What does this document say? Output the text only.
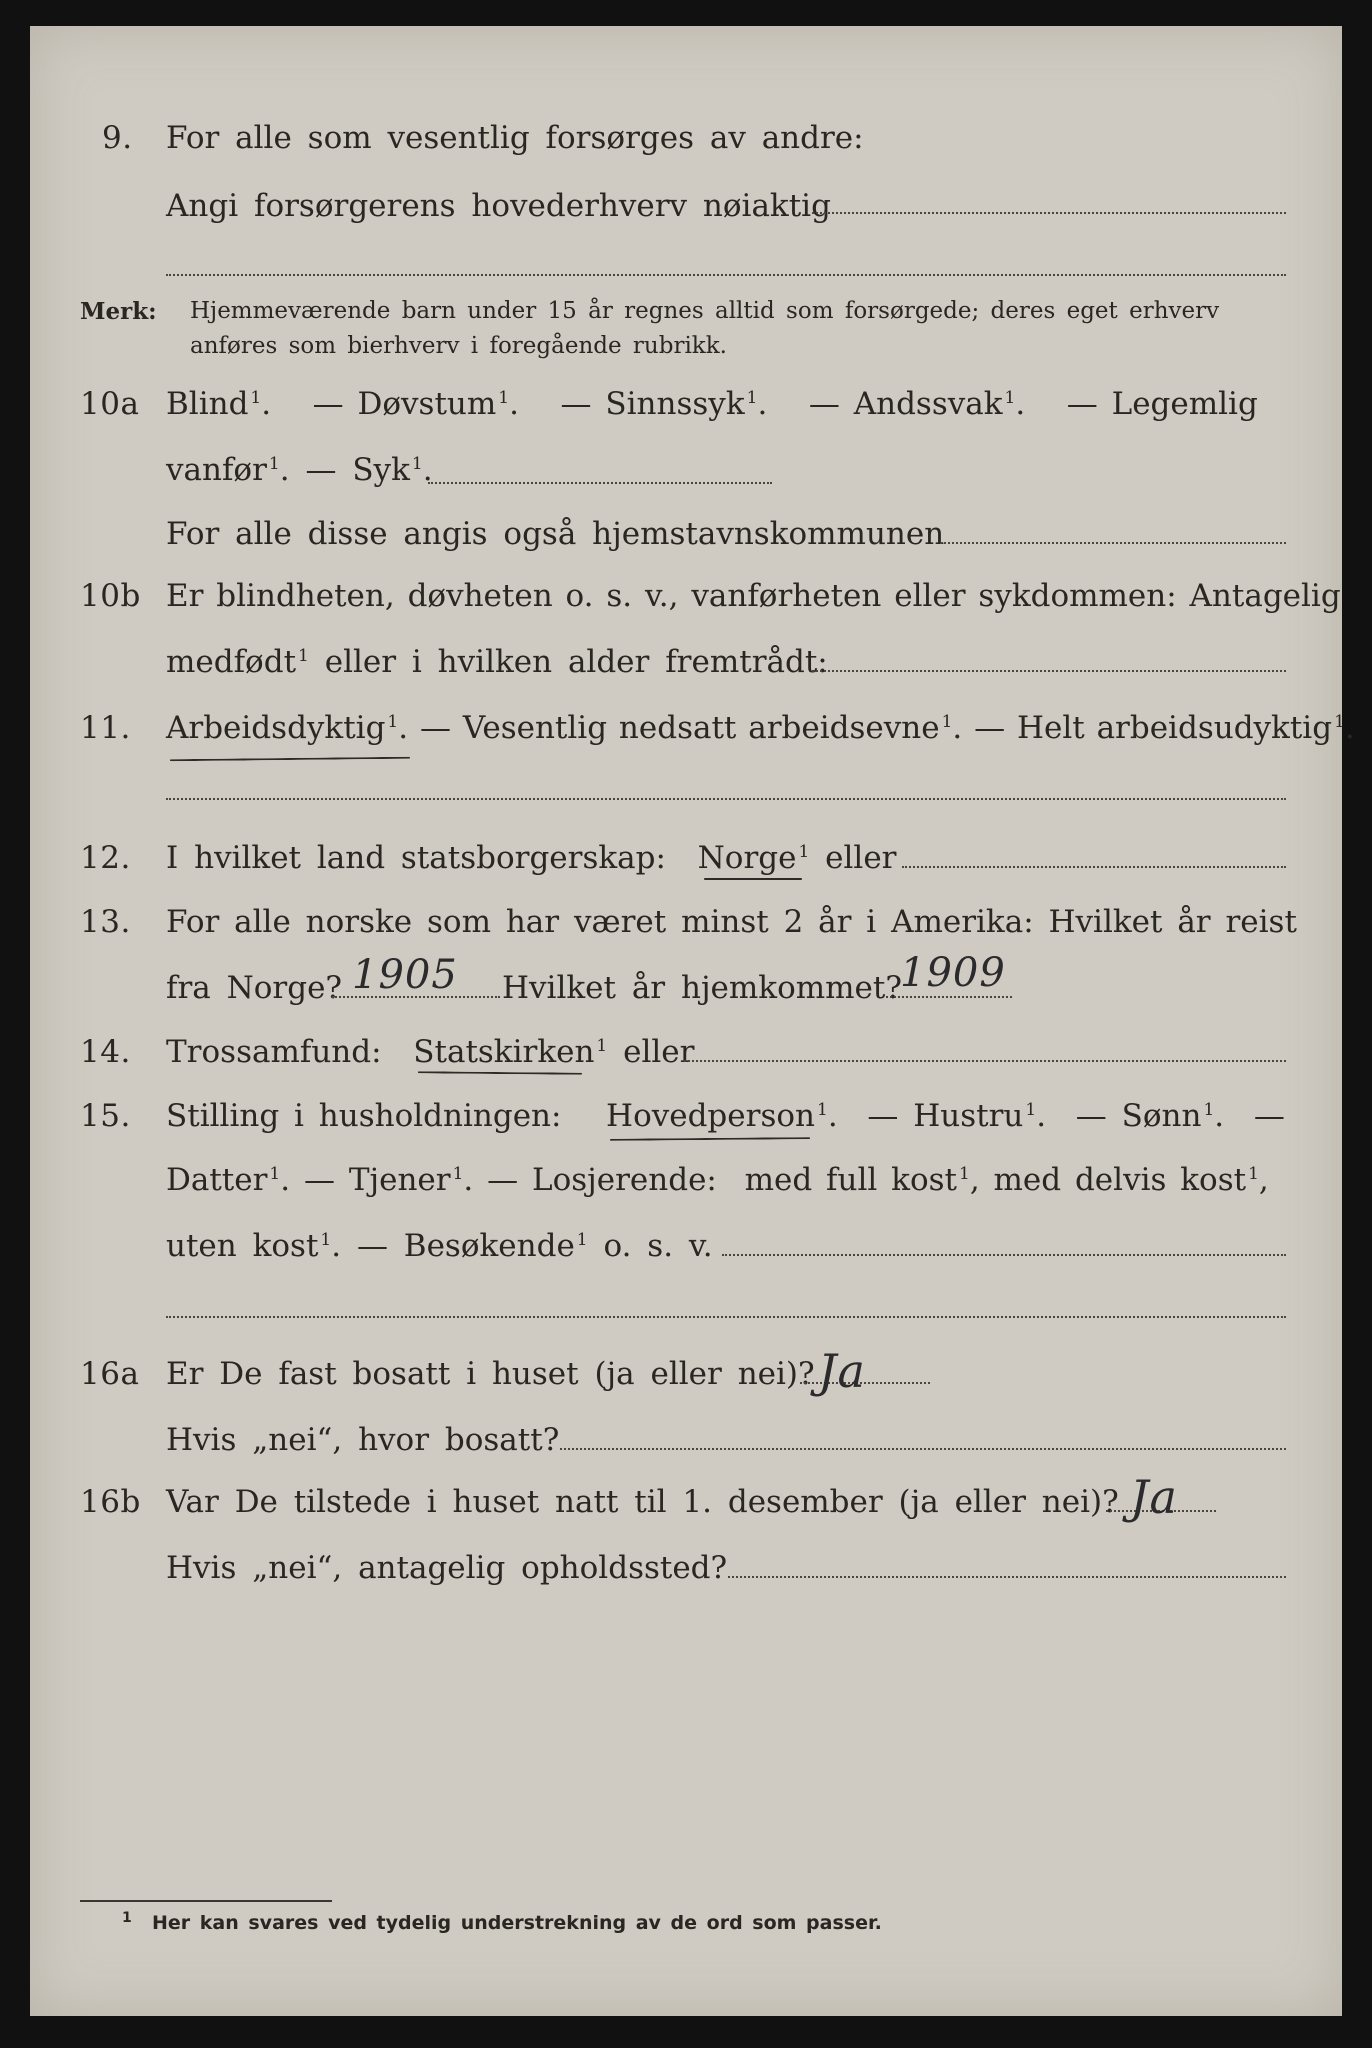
9. For alle som vesentlig forsørges av andre:
Angi forsørgerens hovederhverv nøiaktig
Merk: Hjemmeværende barn under 15 år regnes alltid som forsørgede; deres eget erhverv
anføres som bierhverv i foregående rubrikk.
10a Blind $^1$.   — Døvstum $^1$.   — Sinnssyk $^1$.   — Andssvak $^1$.   — Legemlig
vanfør $^1$. — Syk $^1$.
For alle disse angis også hjemstavnskommunen
10b Er blindheten, døvheten o. s. v., vanførheten eller sykdommen: Antagelig
medfødt $^1$ eller i hvilken alder fremtrådt:
11. Arbeidsdyktig $^1$. — Vesentlig nedsatt arbeidsevne $^1$. — Helt arbeidsudyktig $^1$.
12. I hvilket land statsborgerskap: Norge $^1$ eller
13. For alle norske som har været minst 2 år i Amerika: Hvilket år reist
fra Norge? 1905 Hvilket år hjemkommet?
1909
14. Trossamfund: Statskirken $^1$ eller
15. Stilling i husholdningen: Hovedperson $^1$.  — Hustru $^1$.  — Sønn $^1$.  —
Datter $^1$. — Tjener $^1$. — Losjerende: med full kost $^1$, med delvis kost $^1$,
uten kost $^1$. — Besøkende $^1$ o. s. v.
16a Er De fast bosatt i huset (ja eller nei)? Ja
Hvis „nei“, hvor bosatt?
16b Var De tilstede i huset natt til 1. desember (ja eller nei)? Ja
Hvis „nei“, antagelig opholdssted?
1 Her kan svares ved tydelig understrekning av de ord som passer.
